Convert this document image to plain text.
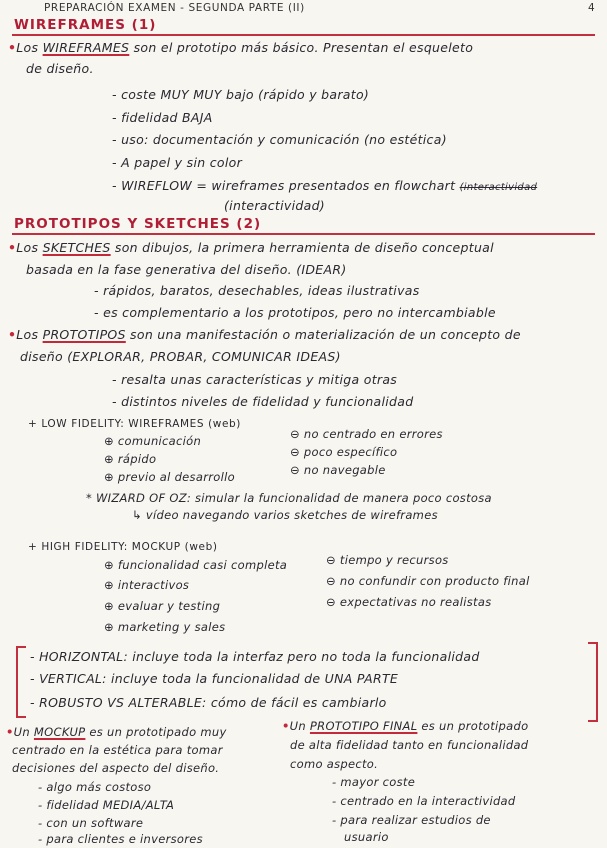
PREPARACIÓN EXAMEN - SEGUNDA PARTE (II)	4
WIREFRAMES (1)
•Los WIREFRAMES son el prototipo más básico. Presentan el esqueleto
de diseño.
- coste MUY MUY bajo (rápido y barato)
- fidelidad BAJA
- uso: documentación y comunicación (no estética)
- A papel y sin color
- WIREFLOW = wireframes presentados en flowchart (interactividad
(interactividad)
PROTOTIPOS Y SKETCHES (2)
•Los SKETCHES son dibujos, la primera herramienta de diseño conceptual
basada en la fase generativa del diseño. (IDEAR)
- rápidos, baratos, desechables, ideas ilustrativas
- es complementario a los prototipos, pero no intercambiable
•Los PROTOTIPOS son una manifestación o materialización de un concepto de
diseño (EXPLORAR, PROBAR, COMUNICAR IDEAS)
- resalta unas características y mitiga otras
- distintos niveles de fidelidad y funcionalidad
+ LOW FIDELITY: WIREFRAMES (web)
⊕ comunicación
⊕ rápido
⊕ previo al desarrollo
⊖ no centrado en errores
⊖ poco específico
⊖ no navegable
* WIZARD OF OZ: simular la funcionalidad de manera poco costosa
↳ vídeo navegando varios sketches de wireframes
+ HIGH FIDELITY: MOCKUP (web)
⊕ funcionalidad casi completa
⊕ interactivos
⊕ evaluar y testing
⊕ marketing y sales
⊖ tiempo y recursos
⊖ no confundir con producto final
⊖ expectativas no realistas
- HORIZONTAL: incluye toda la interfaz pero no toda la funcionalidad
- VERTICAL: incluye toda la funcionalidad de UNA PARTE
- ROBUSTO VS ALTERABLE: cómo de fácil es cambiarlo
•Un MOCKUP es un prototipado muy
centrado en la estética para tomar
decisiones del aspecto del diseño.
- algo más costoso
- fidelidad MEDIA/ALTA
- con un software
- para clientes e inversores
•Un PROTOTIPO FINAL es un prototipado
de alta fidelidad tanto en funcionalidad
como aspecto.
- mayor coste
- centrado en la interactividad
- para realizar estudios de
usuario
